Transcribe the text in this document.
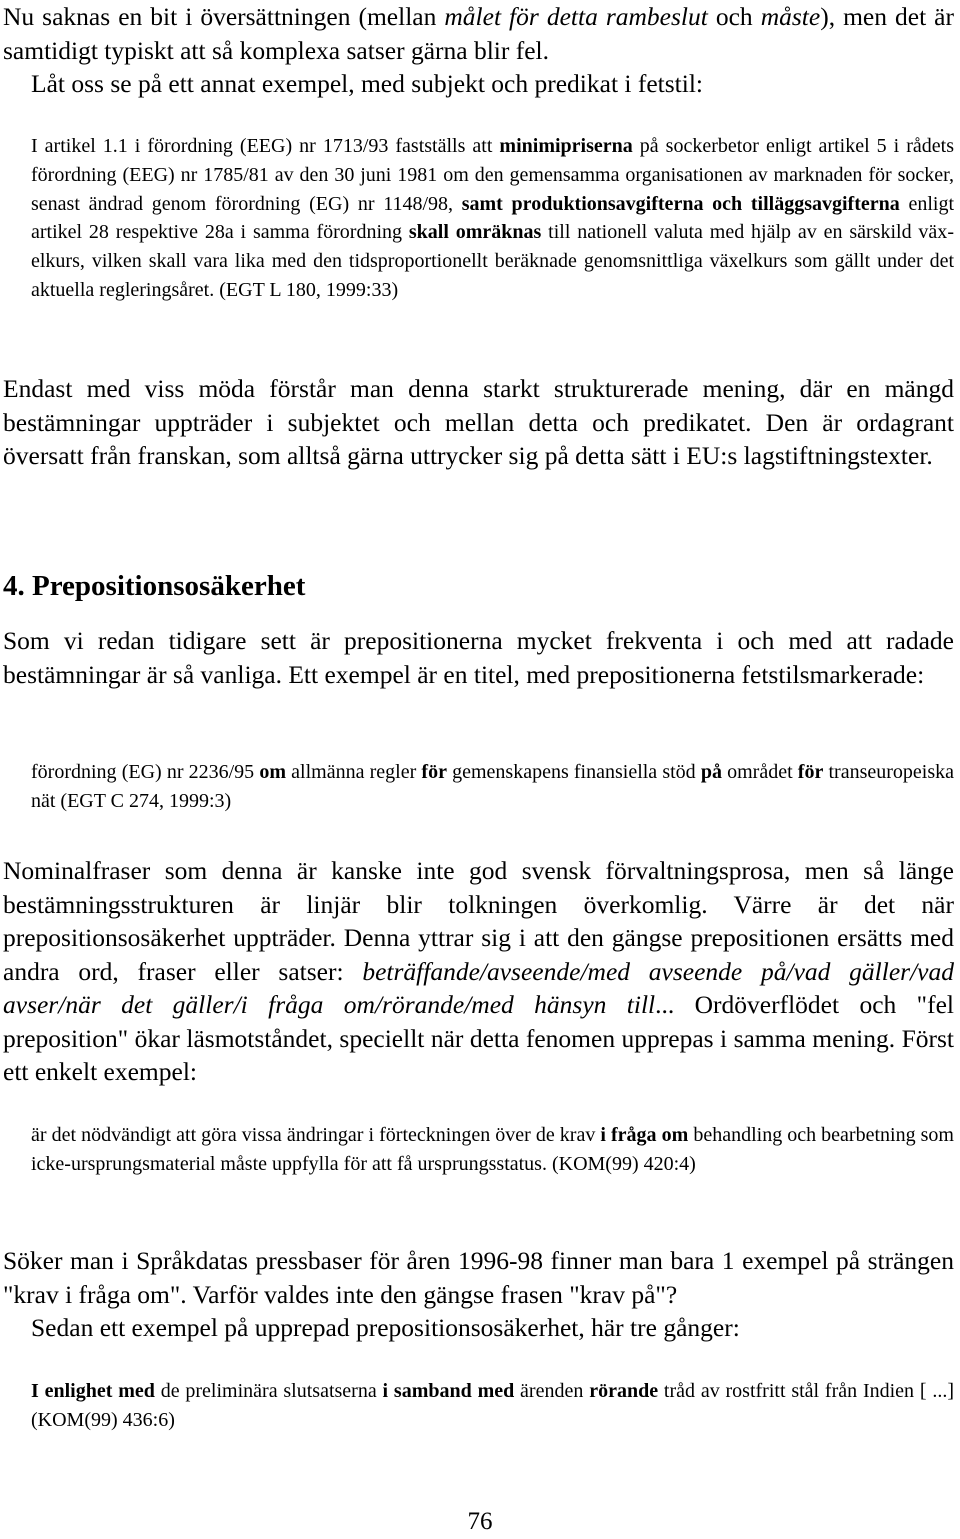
Nu saknas en bit i översättningen (mellan målet för detta rambeslut och måste), men det är samtidigt typiskt att så komplexa satser gärna blir fel.
Låt oss se på ett annat exempel, med subjekt och predikat i fetstil:

I artikel 1.1 i förordning (EEG) nr 1713/93 fastställs att minimipriserna på sockerbetor enligt artikel 5 i rådets förordning (EEG) nr 1785/81 av den 30 juni 1981 om den gemensamma organisationen av marknaden för socker, senast ändrad genom förordning (EG) nr 1148/98, samt produktionsavgifterna och tilläggsavgifterna enligt artikel 28 respektive 28a i samma förordning skall omräknas till nationell valuta med hjälp av en särskild växelkurs, vilken skall vara lika med den tidsproportionellt beräknade genomsnittliga växelkurs som gällt under det aktuella regleringsåret. (EGT L 180, 1999:33)

Endast med viss möda förstår man denna starkt strukturerade mening, där en mängd bestämningar uppträder i subjektet och mellan detta och predikatet. Den är ordagrant översatt från franskan, som alltså gärna uttrycker sig på detta sätt i EU:s lagstiftningstexter.

4. Prepositionsosäkerhet

Som vi redan tidigare sett är prepositionerna mycket frekventa i och med att radade bestämningar är så vanliga. Ett exempel är en titel, med prepositionerna fetstilsmarkerade:

förordning (EG) nr 2236/95 om allmänna regler för gemenskapens finansiella stöd på området för transeuropeiska nät (EGT C 274, 1999:3)

Nominalfraser som denna är kanske inte god svensk förvaltningsprosa, men så länge bestämningsstrukturen är linjär blir tolkningen överkomlig. Värre är det när prepositionsosäkerhet uppträder. Denna yttrar sig i att den gängse prepositionen ersätts med andra ord, fraser eller satser: beträffande/avseende/med avseende på/vad gäller/vad avser/när det gäller/i fråga om/rörande/med hänsyn till... Ordöverflödet och "fel preposition" ökar läsmotståndet, speciellt när detta fenomen upprepas i samma mening. Först ett enkelt exempel:

är det nödvändigt att göra vissa ändringar i förteckningen över de krav i fråga om behandling och bearbetning som icke-ursprungsmaterial måste uppfylla för att få ursprungsstatus. (KOM(99) 420:4)

Söker man i Språkdatas pressbaser för åren 1996-98 finner man bara 1 exempel på strängen "krav i fråga om". Varför valdes inte den gängse frasen "krav på"?
Sedan ett exempel på upprepad prepositionsosäkerhet, här tre gånger:

I enlighet med de preliminära slutsatserna i samband med ärenden rörande tråd av rostfritt stål från Indien [ ...] (KOM(99) 436:6)

76
